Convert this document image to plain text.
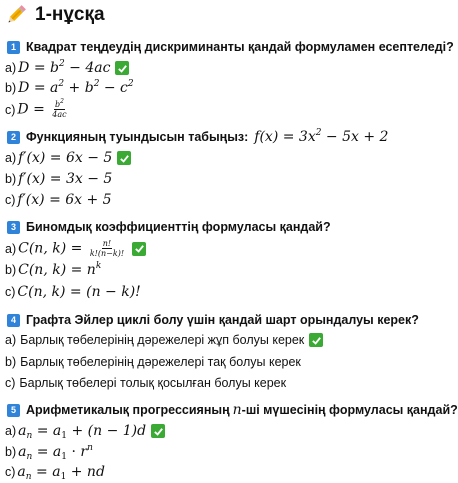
1-нұсқа
1 Квадрат теңдеудің дискриминанты қандай формуламен есептеледі?
a) $D = b^2 - 4ac$
b) $D = a^2 + b^2 - c^2$
c) $D = \frac{b^2}{4ac}$
2 Функцияның туындысын табыңыз: $f(x) = 3x^2 - 5x + 2$
a) f′(x) = 6x − 5
b) f′(x) = 3x − 5
c) f′(x) = 6x + 5
3 Биномдық коэффициенттің формуласы қандай?
a) C(n, $k) = \frac{n!}{k!(n-k)!}$
b) C(n, $k) = n^k$
c) C(n, k) = (n − k)!
4 Графта Эйлер циклі болу үшін қандай шарт орындалуы керек?
a) Барлық төбелерінің дәрежелері жұп болуы керек
b) Барлық төбелерінің дәрежелері тақ болуы керек
c) Барлық төбелері толық қосылған болуы керек
5 Арифметикалық прогрессияның n -ші мүшесінің формуласы қандай?
a) $a_n = a_1 + (n - 1)d$
b) $a_n = a_1 \cdot r^n$
c) $a_n = a_1$ + nd
